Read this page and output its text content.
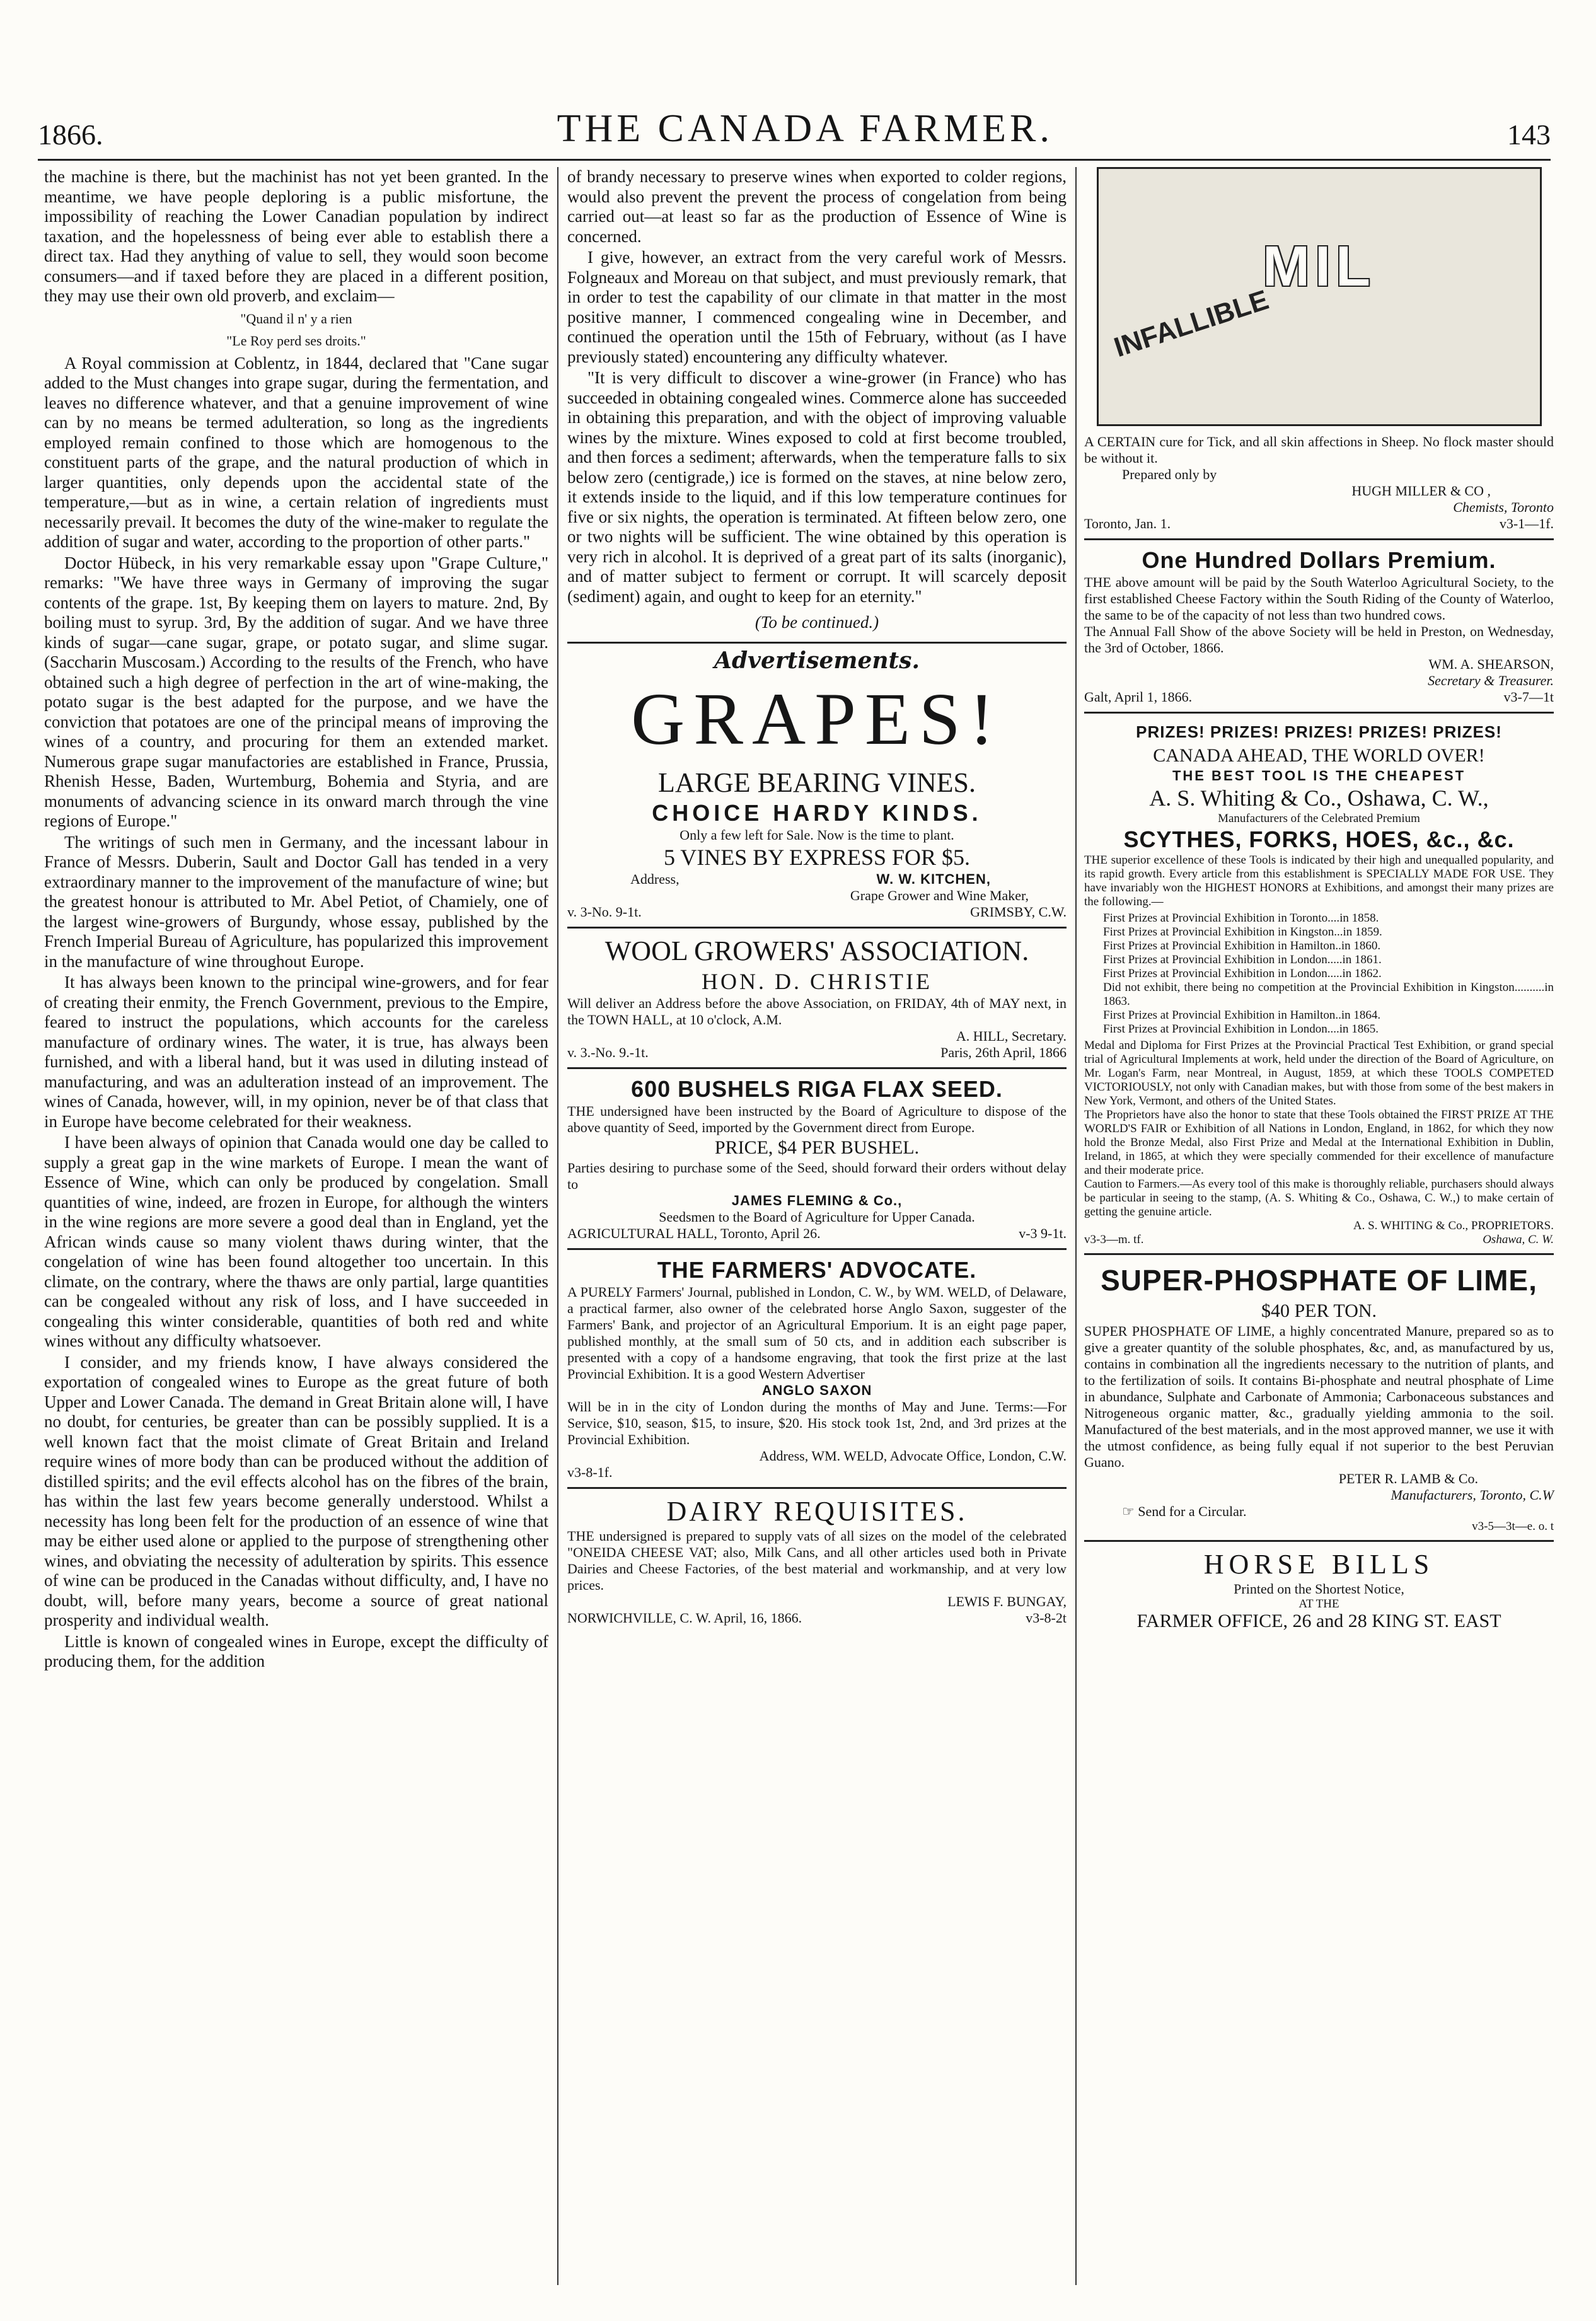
1866.	THE CANADA FARMER.	143

the machine is there, but the machinist has not yet been granted. In the meantime, we have people deploring is a public misfortune, the impossibility of reaching the Lower Canadian population by indirect taxation, and the hopelessness of being ever able to establish there a direct tax. Had they anything of value to sell, they would soon become consumers—and if taxed before they are placed in a different position, they may use their own old proverb, and exclaim—

"Quand il n' y a rien
"Le Roy perd ses droits."

A Royal commission at Coblentz, in 1844, declared that "Cane sugar added to the Must changes into grape sugar, during the fermentation, and leaves no difference whatever, and that a genuine improvement of wine can by no means be termed adulteration, so long as the ingredients employed remain confined to those which are homogenous to the constituent parts of the grape, and the natural production of which in larger quantities, only depends upon the accidental state of the temperature,—but as in wine, a certain relation of ingredients must necessarily prevail. It becomes the duty of the wine-maker to regulate the addition of sugar and water, according to the proportion of other parts."

Doctor Hübeck, in his very remarkable essay upon "Grape Culture," remarks: "We have three ways in Germany of improving the sugar contents of the grape. 1st, By keeping them on layers to mature. 2nd, By boiling must to syrup. 3rd, By the addition of sugar. And we have three kinds of sugar—cane sugar, grape, or potato sugar, and slime sugar. (Saccharin Muscosam.) According to the results of the French, who have obtained such a high degree of perfection in the art of wine-making, the potato sugar is the best adapted for the purpose, and we have the conviction that potatoes are one of the principal means of improving the wines of a country, and procuring for them an extended market. Numerous grape sugar manufactories are established in France, Prussia, Rhenish Hesse, Baden, Wurtemburg, Bohemia and Styria, and are monuments of advancing science in its onward march through the vine regions of Europe."

The writings of such men in Germany, and the incessant labour in France of Messrs. Duberin, Sault and Doctor Gall has tended in a very extraordinary manner to the improvement of the manufacture of wine; but the greatest honour is attributed to Mr. Abel Petiot, of Chamiely, one of the largest wine-growers of Burgundy, whose essay, published by the French Imperial Bureau of Agriculture, has popularized this improvement in the manufacture of wine throughout Europe.

It has always been known to the principal wine-growers, and for fear of creating their enmity, the French Government, previous to the Empire, feared to instruct the populations, which accounts for the careless manufacture of ordinary wines. The water, it is true, has always been furnished, and with a liberal hand, but it was used in diluting instead of manufacturing, and was an adulteration instead of an improvement. The wines of Canada, however, will, in my opinion, never be of that class that in Europe have become celebrated for their weakness.

I have been always of opinion that Canada would one day be called to supply a great gap in the wine markets of Europe. I mean the want of Essence of Wine, which can only be produced by congelation. Small quantities of wine, indeed, are frozen in Europe, for although the winters in the wine regions are more severe a good deal than in England, yet the African winds cause so many violent thaws during winter, that the congelation of wine has been found altogether too uncertain. In this climate, on the contrary, where the thaws are only partial, large quantities can be congealed without any risk of loss, and I have succeeded in congealing this winter considerable, quantities of both red and white wines without any difficulty whatsoever.

I consider, and my friends know, I have always considered the exportation of congealed wines to Europe as the great future of both Upper and Lower Canada. The demand in Great Britain alone will, I have no doubt, for centuries, be greater than can be possibly supplied. It is a well known fact that the moist climate of Great Britain and Ireland require wines of more body than can be produced without the addition of distilled spirits; and the evil effects alcohol has on the fibres of the brain, has within the last few years become generally understood. Whilst a necessity has long been felt for the production of an essence of wine that may be either used alone or applied to the purpose of strengthening other wines, and obviating the necessity of adulteration by spirits. This essence of wine can be produced in the Canadas without difficulty, and, I have no doubt, will, before many years, become a source of great national prosperity and individual wealth.

Little is known of congealed wines in Europe, except the difficulty of producing them, for the addition

of brandy necessary to preserve wines when exported to colder regions, would also prevent the prevent the process of congelation from being carried out—at least so far as the production of Essence of Wine is concerned.

I give, however, an extract from the very careful work of Messrs. Folgneaux and Moreau on that subject, and must previously remark, that in order to test the capability of our climate in that matter in the most positive manner, I commenced congealing wine in December, and continued the operation until the 15th of February, without (as I have previously stated) encountering any difficulty whatever.

"It is very difficult to discover a wine-grower (in France) who has succeeded in obtaining congealed wines. Commerce alone has succeeded in obtaining this preparation, and with the object of improving valuable wines by the mixture. Wines exposed to cold at first become troubled, and then forces a sediment; afterwards, when the temperature falls to six below zero (centigrade,) ice is formed on the staves, at nine below zero, it extends inside to the liquid, and if this low temperature continues for five or six nights, the operation is terminated. At fifteen below zero, one or two nights will be sufficient. The wine obtained by this operation is very rich in alcohol. It is deprived of a great part of its salts (inorganic), and of matter subject to ferment or corrupt. It will scarcely deposit (sediment) again, and ought to keep for an eternity."

(To be continued.)
Advertisements.
GRAPES!
LARGE BEARING VINES.
CHOICE HARDY KINDS.
Only a few left for Sale. Now is the time to plant.
5 VINES BY EXPRESS FOR $5.
Address,	W. W. KITCHEN,
Grape Grower and Wine Maker,
v. 3-No. 9-1t.	GRIMSBY, C.W.
WOOL GROWERS' ASSOCIATION.
HON. D. CHRISTIE
Will deliver an Address before the above Association, on FRIDAY, 4th of MAY next, in the TOWN HALL, at 10 o'clock, A.M.
A. HILL, Secretary.
v. 3.-No. 9.-1t.	Paris, 26th April, 1866
600 BUSHELS RIGA FLAX SEED.
THE undersigned have been instructed by the Board of Agriculture to dispose of the above quantity of Seed, imported by the Government direct from Europe.
PRICE, $4 PER BUSHEL.
Parties desiring to purchase some of the Seed, should forward their orders without delay to
JAMES FLEMING & Co.,
Seedsmen to the Board of Agriculture for Upper Canada.
AGRICULTURAL HALL, Toronto, April 26.	v-3 9-1t.
THE FARMERS' ADVOCATE.
A PURELY Farmers' Journal, published in London, C. W., by WM. WELD, of Delaware, a practical farmer, also owner of the celebrated horse Anglo Saxon, suggester of the Farmers' Bank, and projector of an Agricultural Emporium. It is an eight page paper, published monthly, at the small sum of 50 cts, and in addition each subscriber is presented with a copy of a handsome engraving, that took the first prize at the last Provincial Exhibition. It is a good Western Advertiser
ANGLO SAXON
Will be in in the city of London during the months of May and June. Terms:—For Service, $10, season, $15, to insure, $20. His stock took 1st, 2nd, and 3rd prizes at the Provincial Exhibition.
Address, WM. WELD, Advocate Office, London, C.W.
v3-8-1f.
DAIRY REQUISITES.
THE undersigned is prepared to supply vats of all sizes on the model of the celebrated "ONEIDA CHEESE VAT; also, Milk Cans, and all other articles used both in Private Dairies and Cheese Factories, of the best material and workmanship, and at very low prices.
LEWIS F. BUNGAY,
NORWICHVILLE, C. W. April, 16, 1866.	v3-8-2t
MIL
INFALLIBLE
A CERTAIN cure for Tick, and all skin affections in Sheep. No flock master should be without it.
Prepared only by
HUGH MILLER & CO ,
Chemists, Toronto
Toronto, Jan. 1.	v3-1—1f.
One Hundred Dollars Premium.
THE above amount will be paid by the South Waterloo Agricultural Society, to the first established Cheese Factory within the South Riding of the County of Waterloo, the same to be of the capacity of not less than two hundred cows.
The Annual Fall Show of the above Society will be held in Preston, on Wednesday, the 3rd of October, 1866.
WM. A. SHEARSON,
Secretary & Treasurer.
Galt, April 1, 1866.	v3-7—1t
PRIZES! PRIZES! PRIZES! PRIZES! PRIZES!
CANADA AHEAD, THE WORLD OVER!
THE BEST TOOL IS THE CHEAPEST
A. S. Whiting & Co., Oshawa, C. W.,
Manufacturers of the Celebrated Premium
SCYTHES, FORKS, HOES, &c., &c.
THE superior excellence of these Tools is indicated by their high and unequalled popularity, and its rapid growth. Every article from this establishment is SPECIALLY MADE FOR USE. They have invariably won the HIGHEST HONORS at Exhibitions, and amongst their many prizes are the following.—
First Prizes at Provincial Exhibition in Toronto....in 1858.
First Prizes at Provincial Exhibition in Kingston...in 1859.
First Prizes at Provincial Exhibition in Hamilton..in 1860.
First Prizes at Provincial Exhibition in London.....in 1861.
First Prizes at Provincial Exhibition in London.....in 1862.
Did not exhibit, there being no competition at the Provincial Exhibition in Kingston..........in 1863.
First Prizes at Provincial Exhibition in Hamilton..in 1864.
First Prizes at Provincial Exhibition in London....in 1865.
Medal and Diploma for First Prizes at the Provincial Practical Test Exhibition, or grand special trial of Agricultural Implements at work, held under the direction of the Board of Agriculture, on Mr. Logan's Farm, near Montreal, in August, 1859, at which these TOOLS COMPETED VICTORIOUSLY, not only with Canadian makes, but with those from some of the best makers in New York, Vermont, and others of the United States.
The Proprietors have also the honor to state that these Tools obtained the FIRST PRIZE AT THE WORLD'S FAIR or Exhibition of all Nations in London, England, in 1862, for which they now hold the Bronze Medal, also First Prize and Medal at the International Exhibition in Dublin, Ireland, in 1865, at which they were specially commended for their excellence of manufacture and their moderate price.
Caution to Farmers.—As every tool of this make is thoroughly reliable, purchasers should always be particular in seeing to the stamp, (A. S. Whiting & Co., Oshawa, C. W.,) to make certain of getting the genuine article.
A. S. WHITING & Co., PROPRIETORS.
v3-3—m. tf.	Oshawa, C. W.
SUPER-PHOSPHATE OF LIME,
$40 PER TON.
SUPER PHOSPHATE OF LIME, a highly concentrated Manure, prepared so as to give a greater quantity of the soluble phosphates, &c, and, as manufactured by us, contains in combination all the ingredients necessary to the nutrition of plants, and to the fertilization of soils. It contains Bi-phosphate and neutral phosphate of Lime in abundance, Sulphate and Carbonate of Ammonia; Carbonaceous substances and Nitrogeneous organic matter, &c., gradually yielding ammonia to the soil. Manufactured of the best materials, and in the most approved manner, we use it with the utmost confidence, as being fully equal if not superior to the best Peruvian Guano.
PETER R. LAMB & Co.
Manufacturers, Toronto, C.W
☞ Send for a Circular.
v3-5—3t—e. o. t
HORSE BILLS
Printed on the Shortest Notice,
AT THE
FARMER OFFICE, 26 and 28 KING ST. EAST
